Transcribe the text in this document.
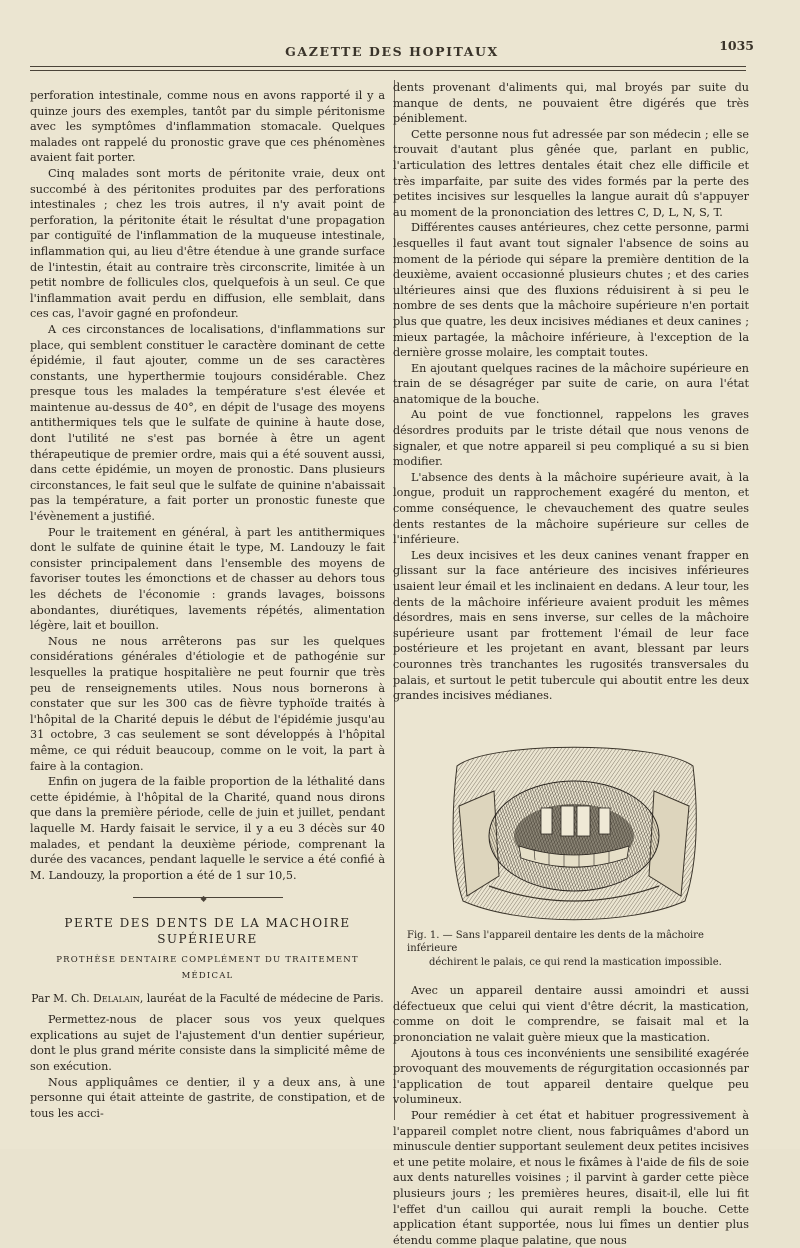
GAZETTE DES HOPITAUX	1035

perforation intestinale, comme nous en avons rapporté il y a quinze jours des exemples, tantôt par du simple péritonisme avec les symptômes d'inflammation stomacale. Quelques malades ont rappelé du pronostic grave que ces phénomènes avaient fait porter.

Cinq malades sont morts de péritonite vraie, deux ont succombé à des péritonites produites par des perforations intestinales ; chez les trois autres, il n'y avait point de perforation, la péritonite était le résultat d'une propagation par contiguïté de l'inflammation de la muqueuse intestinale, inflammation qui, au lieu d'être étendue à une grande surface de l'intestin, était au contraire très circonscrite, limitée à un petit nombre de follicules clos, quelquefois à un seul. Ce que l'inflammation avait perdu en diffusion, elle semblait, dans ces cas, l'avoir gagné en profondeur.

A ces circonstances de localisations, d'inflammations sur place, qui semblent constituer le caractère dominant de cette épidémie, il faut ajouter, comme un de ses caractères constants, une hyperthermie toujours considérable. Chez presque tous les malades la température s'est élevée et maintenue au-dessus de 40°, en dépit de l'usage des moyens antithermiques tels que le sulfate de quinine à haute dose, dont l'utilité ne s'est pas bornée à être un agent thérapeutique de premier ordre, mais qui a été souvent aussi, dans cette épidémie, un moyen de pronostic. Dans plusieurs circonstances, le fait seul que le sulfate de quinine n'abaissait pas la température, a fait porter un pronostic funeste que l'évènement a justifié.

Pour le traitement en général, à part les antithermiques dont le sulfate de quinine était le type, M. Landouzy le fait consister principalement dans l'ensemble des moyens de favoriser toutes les émonctions et de chasser au dehors tous les déchets de l'économie : grands lavages, boissons abondantes, diurétiques, lavements répétés, alimentation légère, lait et bouillon.

Nous ne nous arrêterons pas sur les quelques considérations générales d'étiologie et de pathogénie sur lesquelles la pratique hospitalière ne peut fournir que très peu de renseignements utiles. Nous nous bornerons à constater que sur les 300 cas de fièvre typhoïde traités à l'hôpital de la Charité depuis le début de l'épidémie jusqu'au 31 octobre, 3 cas seulement se sont développés à l'hôpital même, ce qui réduit beaucoup, comme on le voit, la part à faire à la contagion.

Enfin on jugera de la faible proportion de la léthalité dans cette épidémie, à l'hôpital de la Charité, quand nous dirons que dans la première période, celle de juin et juillet, pendant laquelle M. Hardy faisait le service, il y a eu 3 décès sur 40 malades, et pendant la deuxième période, comprenant la durée des vacances, pendant laquelle le service a été confié à M. Landouzy, la proportion a été de 1 sur 10,5.

◆
PERTE DES DENTS DE LA MACHOIRE SUPÉRIEURE
PROTHÈSE DENTAIRE COMPLÉMENT DU TRAITEMENT MÉDICAL
Par M. Ch. Delalain, lauréat de la Faculté de médecine de Paris.

Permettez-nous de placer sous vos yeux quelques explications au sujet de l'ajustement d'un dentier supérieur, dont le plus grand mérite consiste dans la simplicité même de son exécution.

Nous appliquâmes ce dentier, il y a deux ans, à une personne qui était atteinte de gastrite, de constipation, et de tous les acci-

dents provenant d'aliments qui, mal broyés par suite du manque de dents, ne pouvaient être digérés que très péniblement.

Cette personne nous fut adressée par son médecin ; elle se trouvait d'autant plus gênée que, parlant en public, l'articulation des lettres dentales était chez elle difficile et très imparfaite, par suite des vides formés par la perte des petites incisives sur lesquelles la langue aurait dû s'appuyer au moment de la prononciation des lettres C, D, L, N, S, T.

Différentes causes antérieures, chez cette personne, parmi lesquelles il faut avant tout signaler l'absence de soins au moment de la période qui sépare la première dentition de la deuxième, avaient occasionné plusieurs chutes ; et des caries ultérieures ainsi que des fluxions réduisirent à si peu le nombre de ses dents que la mâchoire supérieure n'en portait plus que quatre, les deux incisives médianes et deux canines ; mieux partagée, la mâchoire inférieure, à l'exception de la dernière grosse molaire, les comptait toutes.

En ajoutant quelques racines de la mâchoire supérieure en train de se désagréger par suite de carie, on aura l'état anatomique de la bouche.

Au point de vue fonctionnel, rappelons les graves désordres produits par le triste détail que nous venons de signaler, et que notre appareil si peu compliqué a su si bien modifier.

L'absence des dents à la mâchoire supérieure avait, à la longue, produit un rapprochement exagéré du menton, et comme conséquence, le chevauchement des quatre seules dents restantes de la mâchoire supérieure sur celles de l'inférieure.

Les deux incisives et les deux canines venant frapper en glissant sur la face antérieure des incisives inférieures usaient leur émail et les inclinaient en dedans. A leur tour, les dents de la mâchoire inférieure avaient produit les mêmes désordres, mais en sens inverse, sur celles de la mâchoire supérieure usant par frottement l'émail de leur face postérieure et les projetant en avant, blessant par leurs couronnes très tranchantes les rugosités transversales du palais, et surtout le petit tubercule qui aboutit entre les deux grandes incisives médianes.

Fig. 1. — Sans l'appareil dentaire les dents de la mâchoire inférieure
déchirent le palais, ce qui rend la mastication impossible.

Avec un appareil dentaire aussi amoindri et aussi défectueux que celui qui vient d'être décrit, la mastication, comme on doit le comprendre, se faisait mal et la prononciation ne valait guère mieux que la mastication.

Ajoutons à tous ces inconvénients une sensibilité exagérée provoquant des mouvements de régurgitation occasionnés par l'application de tout appareil dentaire quelque peu volumineux.

Pour remédier à cet état et habituer progressivement à l'appareil complet notre client, nous fabriquâmes d'abord un minuscule dentier supportant seulement deux petites incisives et une petite molaire, et nous le fixâmes à l'aide de fils de soie aux dents naturelles voisines ; il parvint à garder cette pièce plusieurs jours ; les premières heures, disait-il, elle lui fit l'effet d'un caillou qui aurait rempli la bouche. Cette application étant supportée, nous lui fîmes un dentier plus étendu comme plaque palatine, que nous
